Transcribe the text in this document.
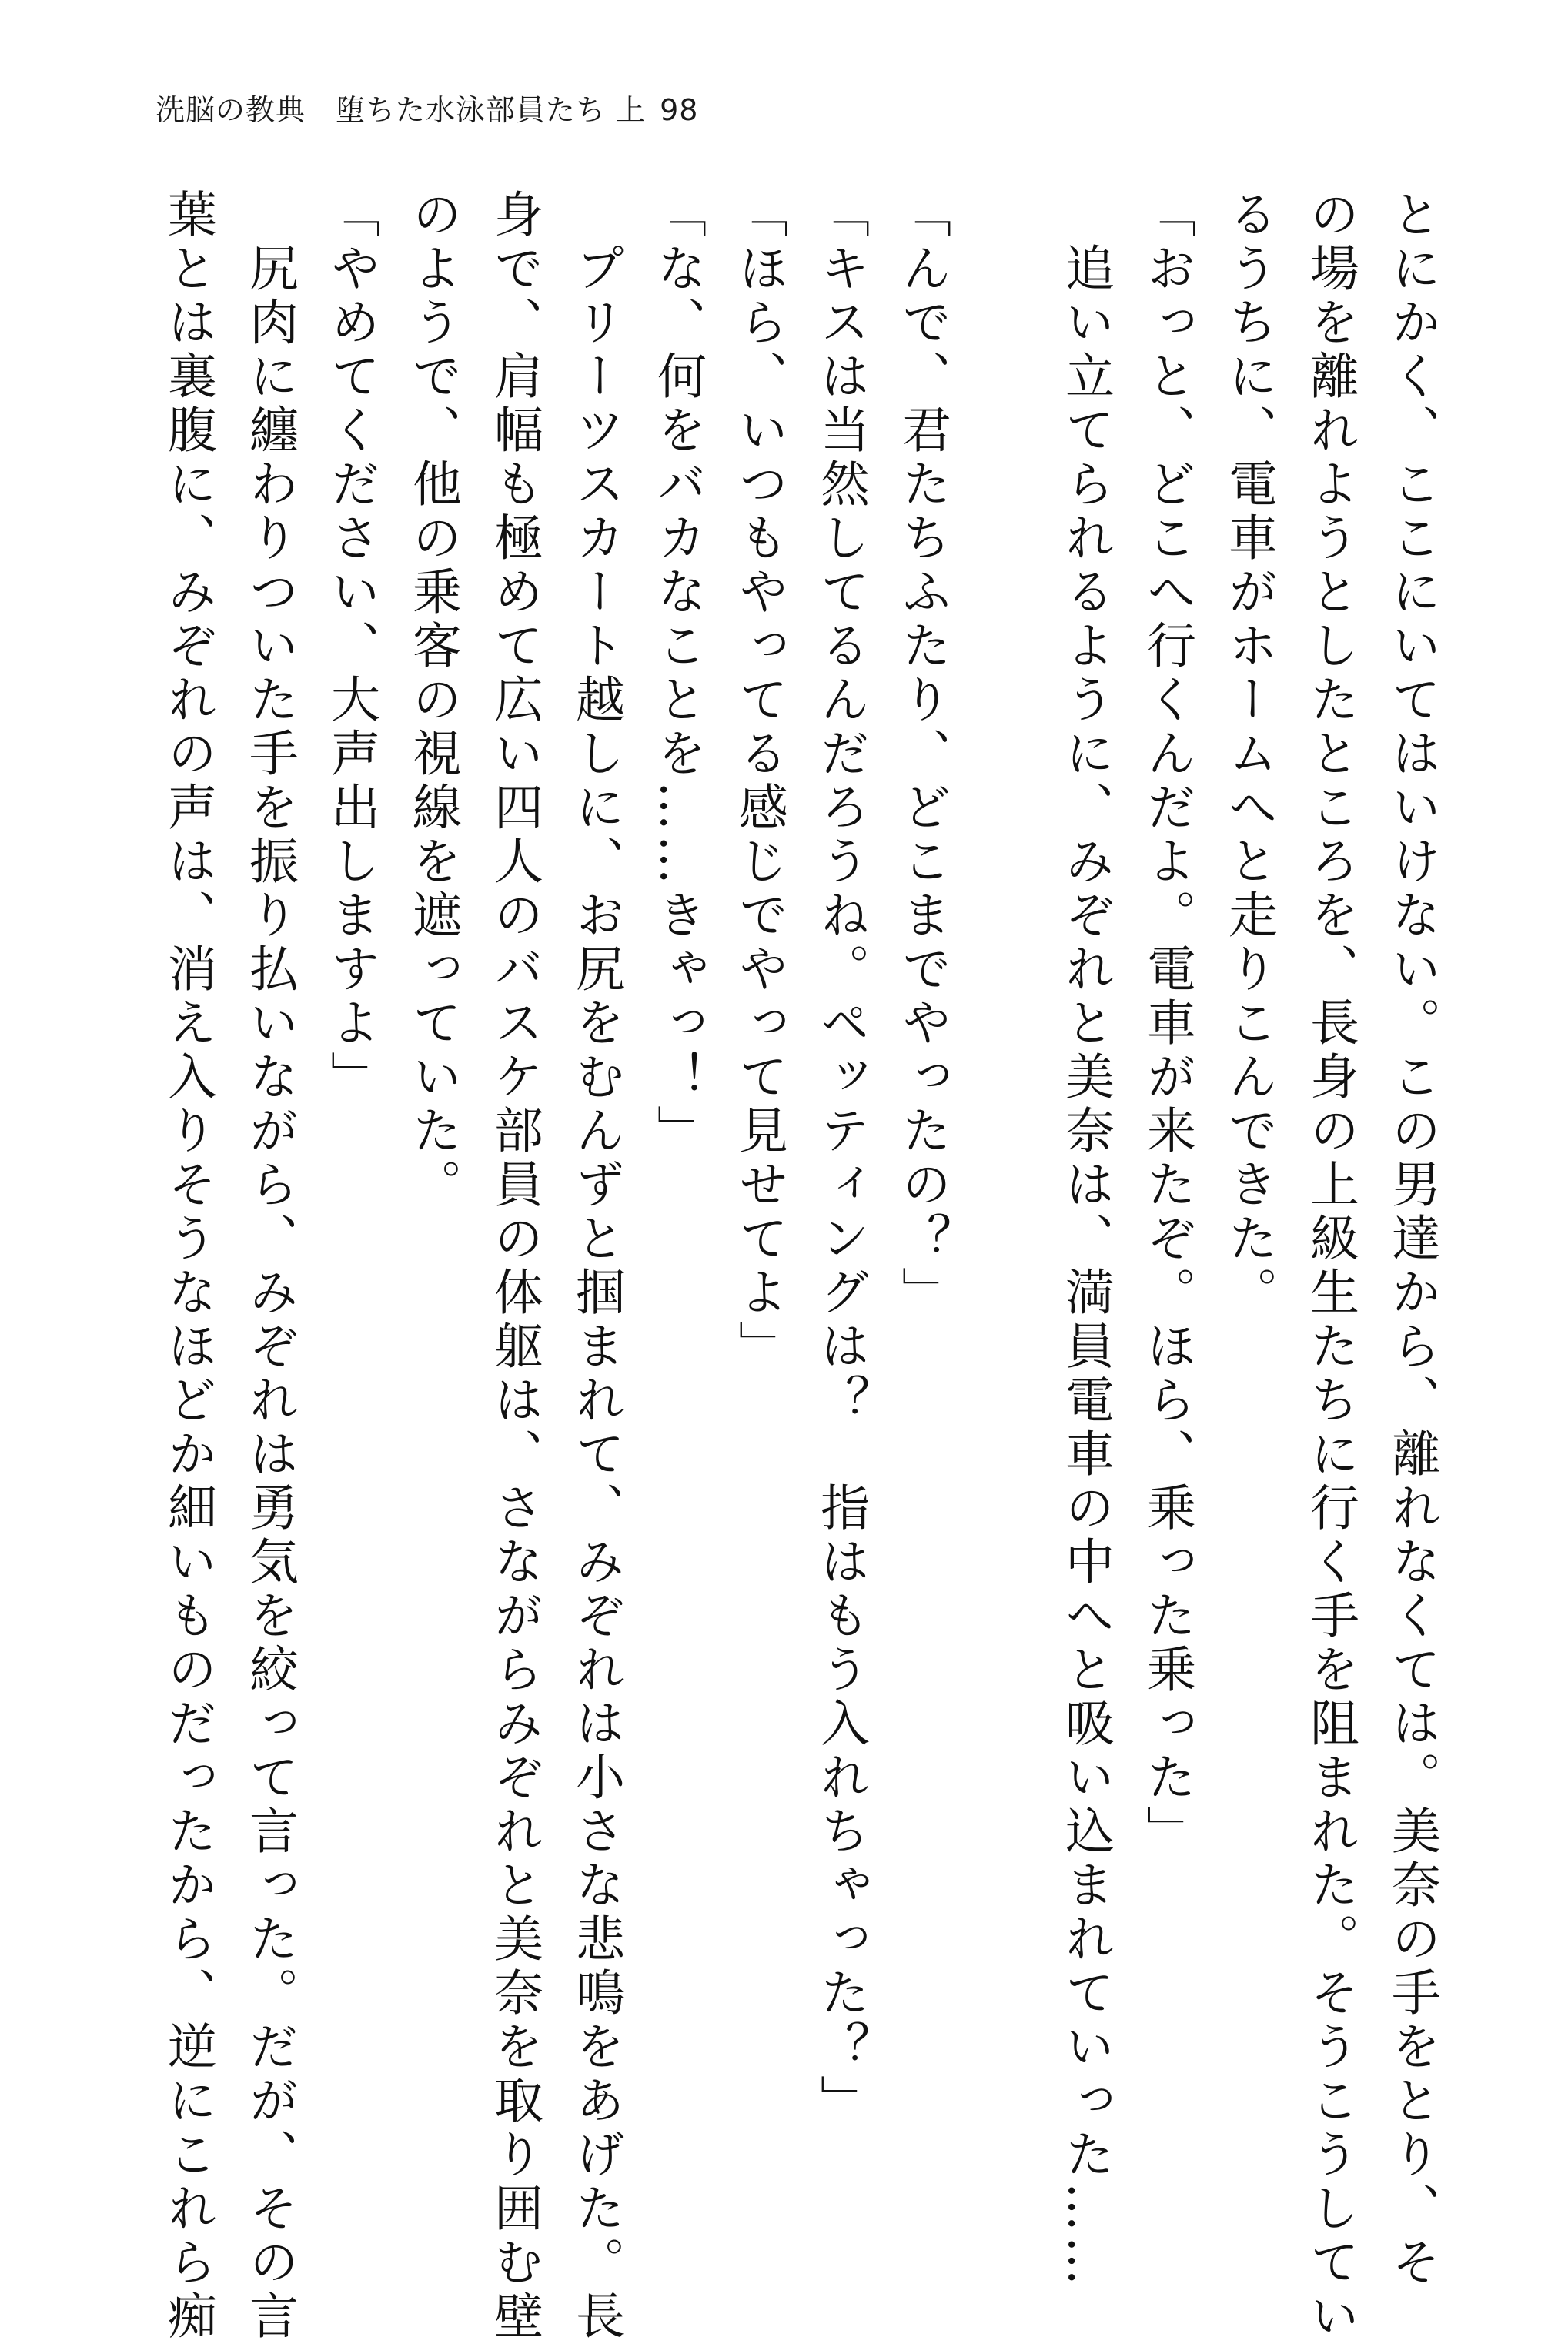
洗脳の教典　堕ちた水泳部員たち 上 98
とにかく、ここにいてはいけない。この男達から、離れなくては。美奈の手をとり、そ
の場を離れようとしたところを、長身の上級生たちに行く手を阻まれた。そうこうしてい
るうちに、電車がホームへと走りこんできた。
「おっと、どこへ行くんだよ。電車が来たぞ。ほら、乗った乗った」
　追い立てられるように、みぞれと美奈は、満員電車の中へと吸い込まれていった……

「んで、君たちふたり、どこまでやったの？」
「キスは当然してるんだろうね。ペッティングは？　指はもう入れちゃった？」
「ほら、いつもやってる感じでやって見せてよ」
「な、何をバカなことを……きゃっ！」
　プリーツスカート越しに、お尻をむんずと掴まれて、みぞれは小さな悲鳴をあげた。長
身で、肩幅も極めて広い四人のバスケ部員の体躯は、さながらみぞれと美奈を取り囲む壁
のようで、他の乗客の視線を遮っていた。
「やめてください、大声出しますよ」
　尻肉に纏わりついた手を振り払いながら、みぞれは勇気を絞って言った。だが、その言
葉とは裏腹に、みぞれの声は、消え入りそうなほどか細いものだったから、逆にこれら痴
